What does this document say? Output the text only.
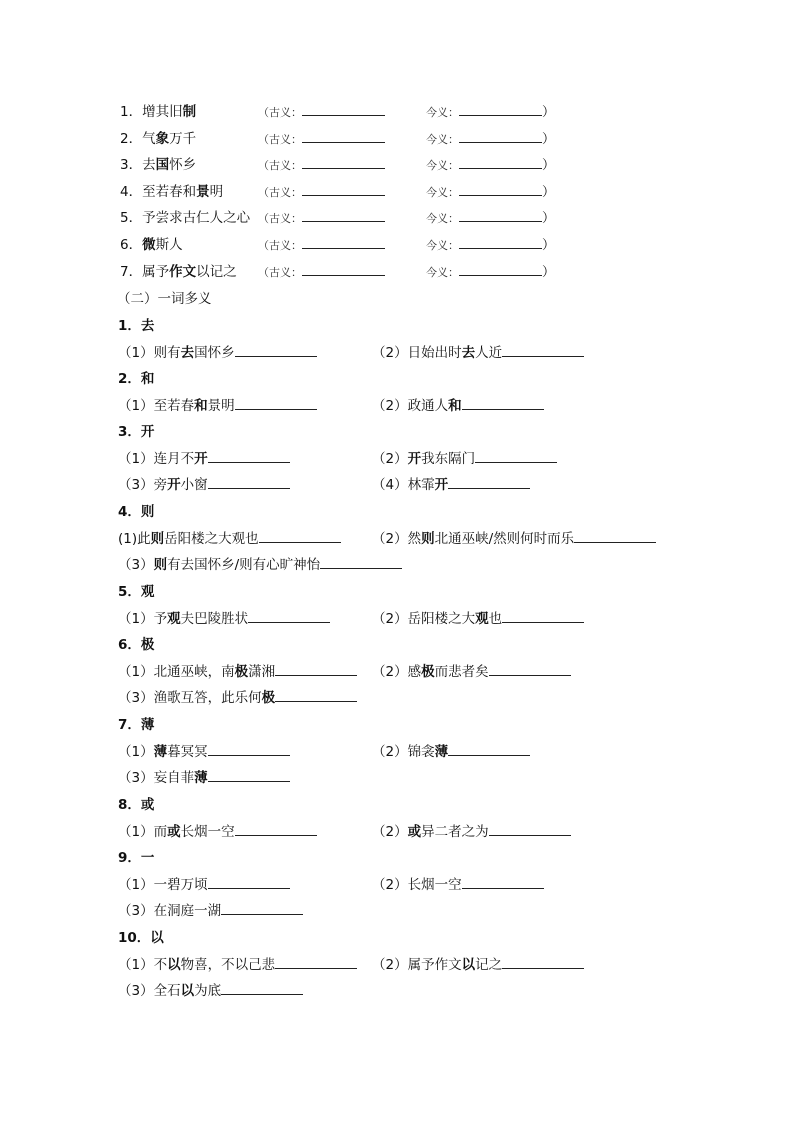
1．增其旧制	（古义：	今义：	）
2．气象万千	（古义：	今义：	）
3．去国怀乡	（古义：	今义：	）
4．至若春和景明	（古义：	今义：	）
5．予尝求古仁人之心 （古义：	今义：	）
6．微斯人	（古义：	今义：	）
7．属予作文以记之 （古义：	今义：	）
（二）一词多义
1．去
（1）则有去国怀乡	（2）日始出时去人近
2．和
（1）至若春和景明	（2）政通人和
3．开
（1）连月不开	（2）开我东隔门
（3）旁开小窗	（4）林霏开
4．则
(1)此则岳阳楼之大观也	（2）然则北通巫峡/然则何时而乐
（3）则有去国怀乡/则有心旷神怡
5．观
（1）予观夫巴陵胜状	（2）岳阳楼之大观也
6．极
（1）北通巫峡，南极潇湘	（2）感极而悲者矣
（3）渔歌互答，此乐何极
7．薄
（1）薄暮冥冥	（2）锦衾薄
（3）妄自菲薄
8．或
（1）而或长烟一空	（2）或异二者之为
9．一
（1）一碧万顷	（2）长烟一空
（3）在洞庭一湖
10．以
（1）不以物喜，不以己悲	（2）属予作文以记之
（3）全石以为底
